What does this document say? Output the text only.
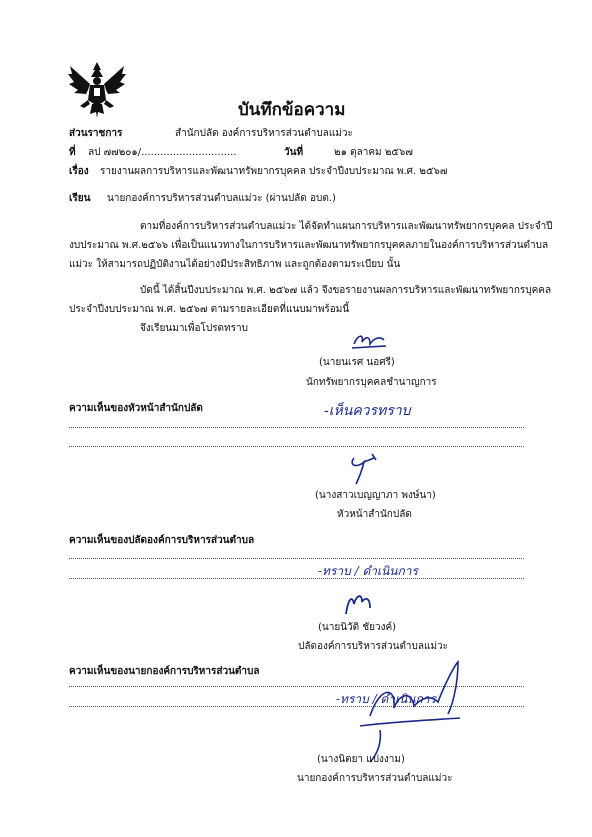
บันทึกข้อความ
ส่วนราชการ	สำนักปลัด องค์การบริหารส่วนตำบลแม่วะ
ที่ ลป ๗๗๒๐๑/..............................	วันที่	๒๑ ตุลาคม ๒๕๖๗
เรื่อง รายงานผลการบริหารและพัฒนาทรัพยากรบุคคล ประจำปีงบประมาณ พ.ศ. ๒๕๖๗
เรียน นายกองค์การบริหารส่วนตำบลแม่วะ (ผ่านปลัด อบต.)
ตามที่องค์การบริหารส่วนตำบลแม่วะ ได้จัดทำแผนการบริหารและพัฒนาทรัพยากรบุคคล ประจำปี
งบประมาณ พ.ศ.๒๕๖๖ เพื่อเป็นแนวทางในการบริหารและพัฒนาทรัพยากรบุคคลภายในองค์การบริหารส่วนตำบล
แม่วะ ให้สามารถปฏิบัติงานได้อย่างมีประสิทธิภาพ และถูกต้องตามระเบียบ นั้น
บัดนี้ ได้สิ้นปีงบประมาณ พ.ศ. ๒๕๖๗ แล้ว จึงขอรายงานผลการบริหารและพัฒนาทรัพยากรบุคคล
ประจำปีงบประมาณ พ.ศ. ๒๕๖๗ ตามรายละเอียดที่แนบมาพร้อมนี้
จึงเรียนมาเพื่อโปรดทราบ
(นายนเรศ นอศรี)
นักทรัพยากรบุคคลชำนาญการ
ความเห็นของหัวหน้าสำนักปลัด	-เห็นควรทราบ
(นางสาวเบญญาภา พงษ์นา)
หัวหน้าสำนักปลัด
ความเห็นของปลัดองค์การบริหารส่วนตำบล
-ทราบ / ดำเนินการ
(นายนิวัติ ชัยวงค์)
ปลัดองค์การบริหารส่วนตำบลแม่วะ
ความเห็นของนายกองค์การบริหารส่วนตำบล
-ทราบ / ดำเนินการ
(นางนิตยา แปงงาม)
นายกองค์การบริหารส่วนตำบลแม่วะ
